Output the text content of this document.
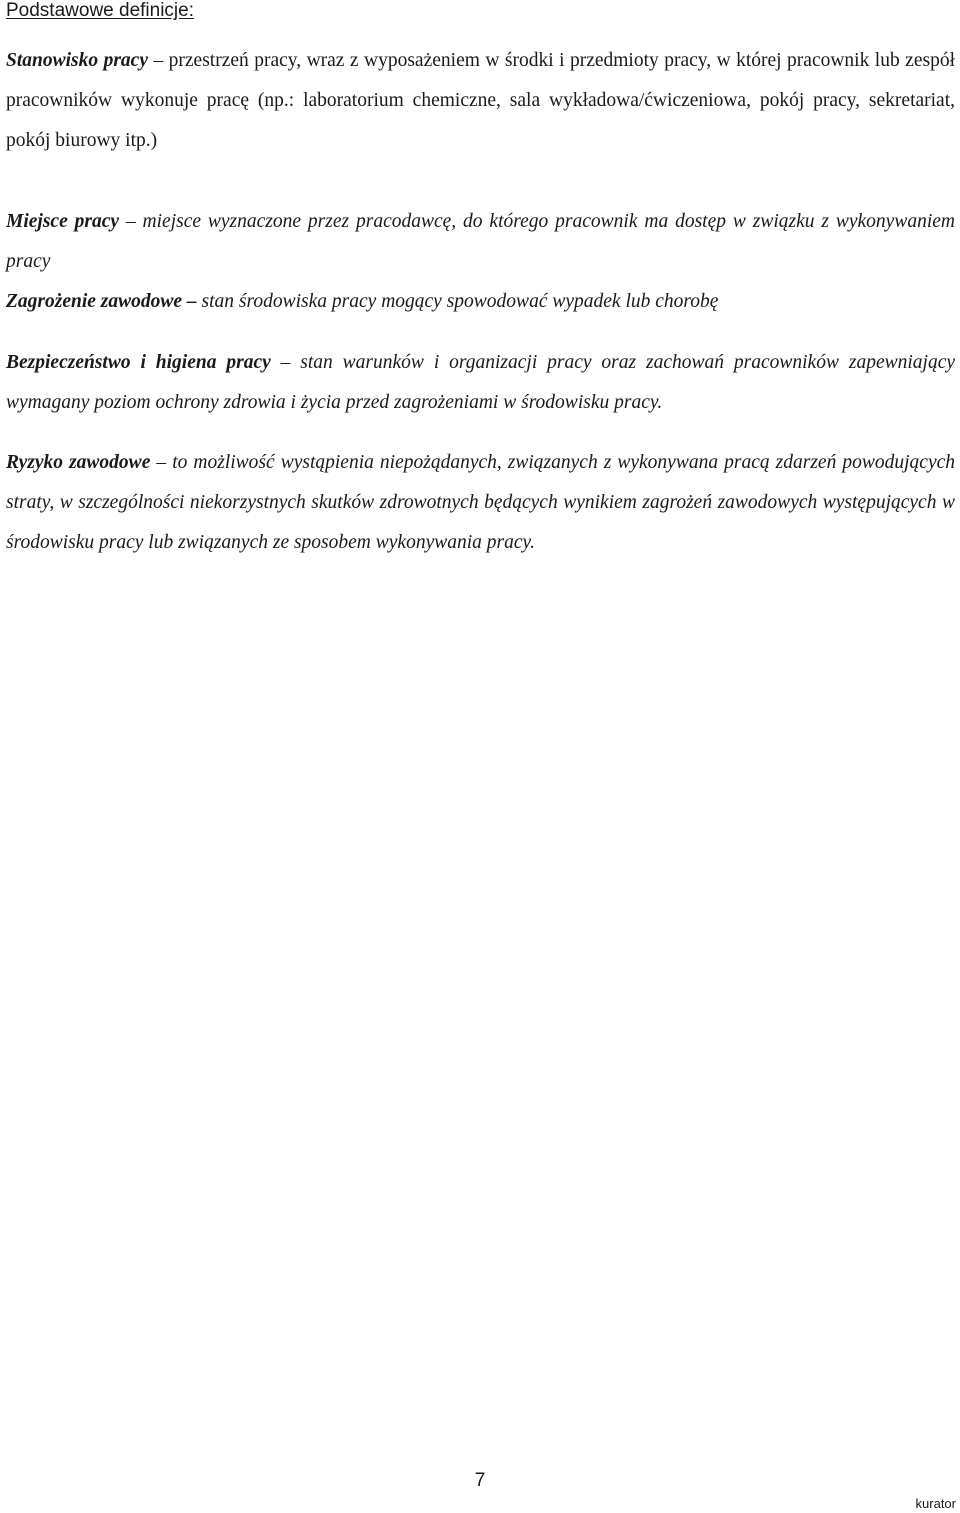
Podstawowe definicje:

Stanowisko pracy – przestrzeń pracy, wraz z wyposażeniem w środki i przedmioty pracy, w której pracownik lub zespół pracowników wykonuje pracę (np.: laboratorium chemiczne, sala wykładowa/ćwiczeniowa, pokój pracy, sekretariat, pokój biurowy itp.)

Miejsce pracy – miejsce wyznaczone przez pracodawcę, do którego pracownik ma dostęp w związku z wykonywaniem pracy

Zagrożenie zawodowe – stan środowiska pracy mogący spowodować wypadek lub chorobę

Bezpieczeństwo i higiena pracy – stan warunków i organizacji pracy oraz zachowań pracowników zapewniający wymagany poziom ochrony zdrowia i życia przed zagrożeniami w środowisku pracy.

Ryzyko zawodowe – to możliwość wystąpienia niepożądanych, związanych z wykonywana pracą zdarzeń powodujących straty, w szczególności niekorzystnych skutków zdrowotnych będących wynikiem zagrożeń zawodowych występujących w środowisku pracy lub związanych ze sposobem wykonywania pracy.

7
kurator
